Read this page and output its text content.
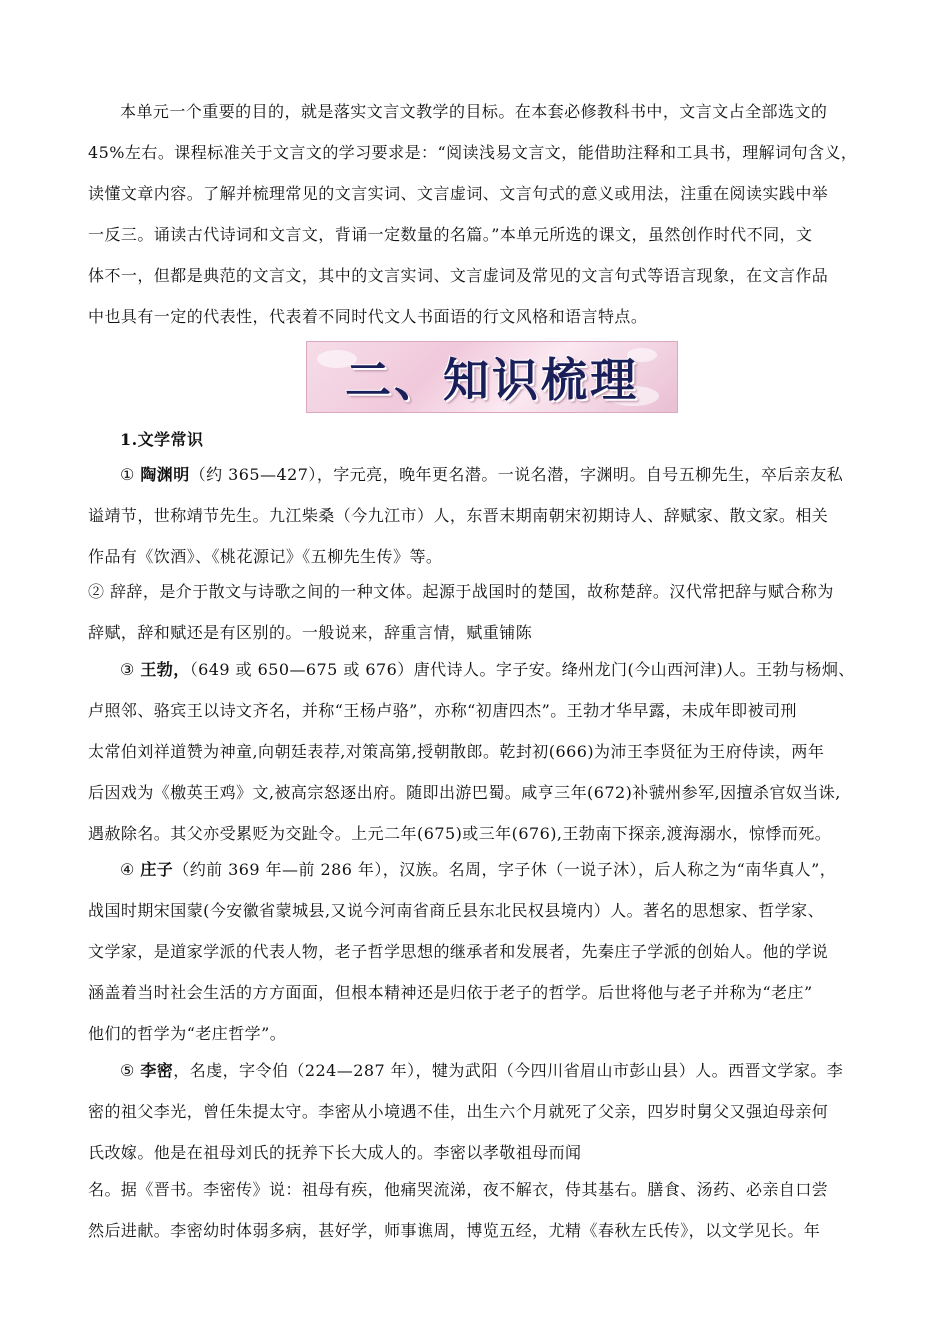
本单元一个重要的目的，就是落实文言文教学的目标。在本套必修教科书中，文言文占全部选文的
45%左右。课程标准关于文言文的学习要求是：“阅读浅易文言文，能借助注释和工具书，理解词句含义，
读懂文章内容。了解并梳理常见的文言实词、文言虚词、文言句式的意义或用法，注重在阅读实践中举
一反三。诵读古代诗词和文言文，背诵一定数量的名篇。”本单元所选的课文，虽然创作时代不同，文
体不一，但都是典范的文言文，其中的文言实词、文言虚词及常见的文言句式等语言现象，在文言作品
中也具有一定的代表性，代表着不同时代文人书面语的行文风格和语言特点。
二、知识梳理
1.文学常识
① 陶渊明（约 365—427），字元亮，晚年更名潜。一说名潜，字渊明。自号五柳先生，卒后亲友私
谥靖节，世称靖节先生。九江柴桑（今九江市）人，东晋末期南朝宋初期诗人、辞赋家、散文家。相关
作品有《饮酒》、《桃花源记》《五柳先生传》等。
② 辞辞，是介于散文与诗歌之间的一种文体。起源于战国时的楚国，故称楚辞。汉代常把辞与赋合称为
辞赋，辞和赋还是有区别的。一般说来，辞重言情，赋重铺陈
③ 王勃，（649 或 650—675 或 676）唐代诗人。字子安。绛州龙门(今山西河津)人。王勃与杨炯、
卢照邻、骆宾王以诗文齐名，并称“王杨卢骆”，亦称“初唐四杰”。王勃才华早露，未成年即被司刑
太常伯刘祥道赞为神童,向朝廷表荐,对策高第,授朝散郎。乾封初(666)为沛王李贤征为王府侍读，两年
后因戏为《檄英王鸡》文,被高宗怒逐出府。随即出游巴蜀。咸亨三年(672)补虢州参军,因擅杀官奴当诛,
遇赦除名。其父亦受累贬为交趾令。上元二年(675)或三年(676),王勃南下探亲,渡海溺水，惊悸而死。
④ 庄子（约前 369 年—前 286 年），汉族。名周，字子休（一说子沐），后人称之为“南华真人”，
战国时期宋国蒙(今安徽省蒙城县,又说今河南省商丘县东北民权县境内）人。著名的思想家、哲学家、
文学家，是道家学派的代表人物，老子哲学思想的继承者和发展者，先秦庄子学派的创始人。他的学说
涵盖着当时社会生活的方方面面，但根本精神还是归依于老子的哲学。后世将他与老子并称为“老庄”
他们的哲学为“老庄哲学”。
⑤ 李密，名虔，字令伯（224—287 年），犍为武阳（今四川省眉山市彭山县）人。西晋文学家。李
密的祖父李光，曾任朱提太守。李密从小境遇不佳，出生六个月就死了父亲，四岁时舅父又强迫母亲何
氏改嫁。他是在祖母刘氏的抚养下长大成人的。李密以孝敬祖母而闻
名。据《晋书。李密传》说：祖母有疾，他痛哭流涕，夜不解衣，侍其基右。膳食、汤药、必亲自口尝
然后进献。李密幼时体弱多病，甚好学，师事谯周，博览五经，尤精《春秋左氏传》，以文学见长。年
